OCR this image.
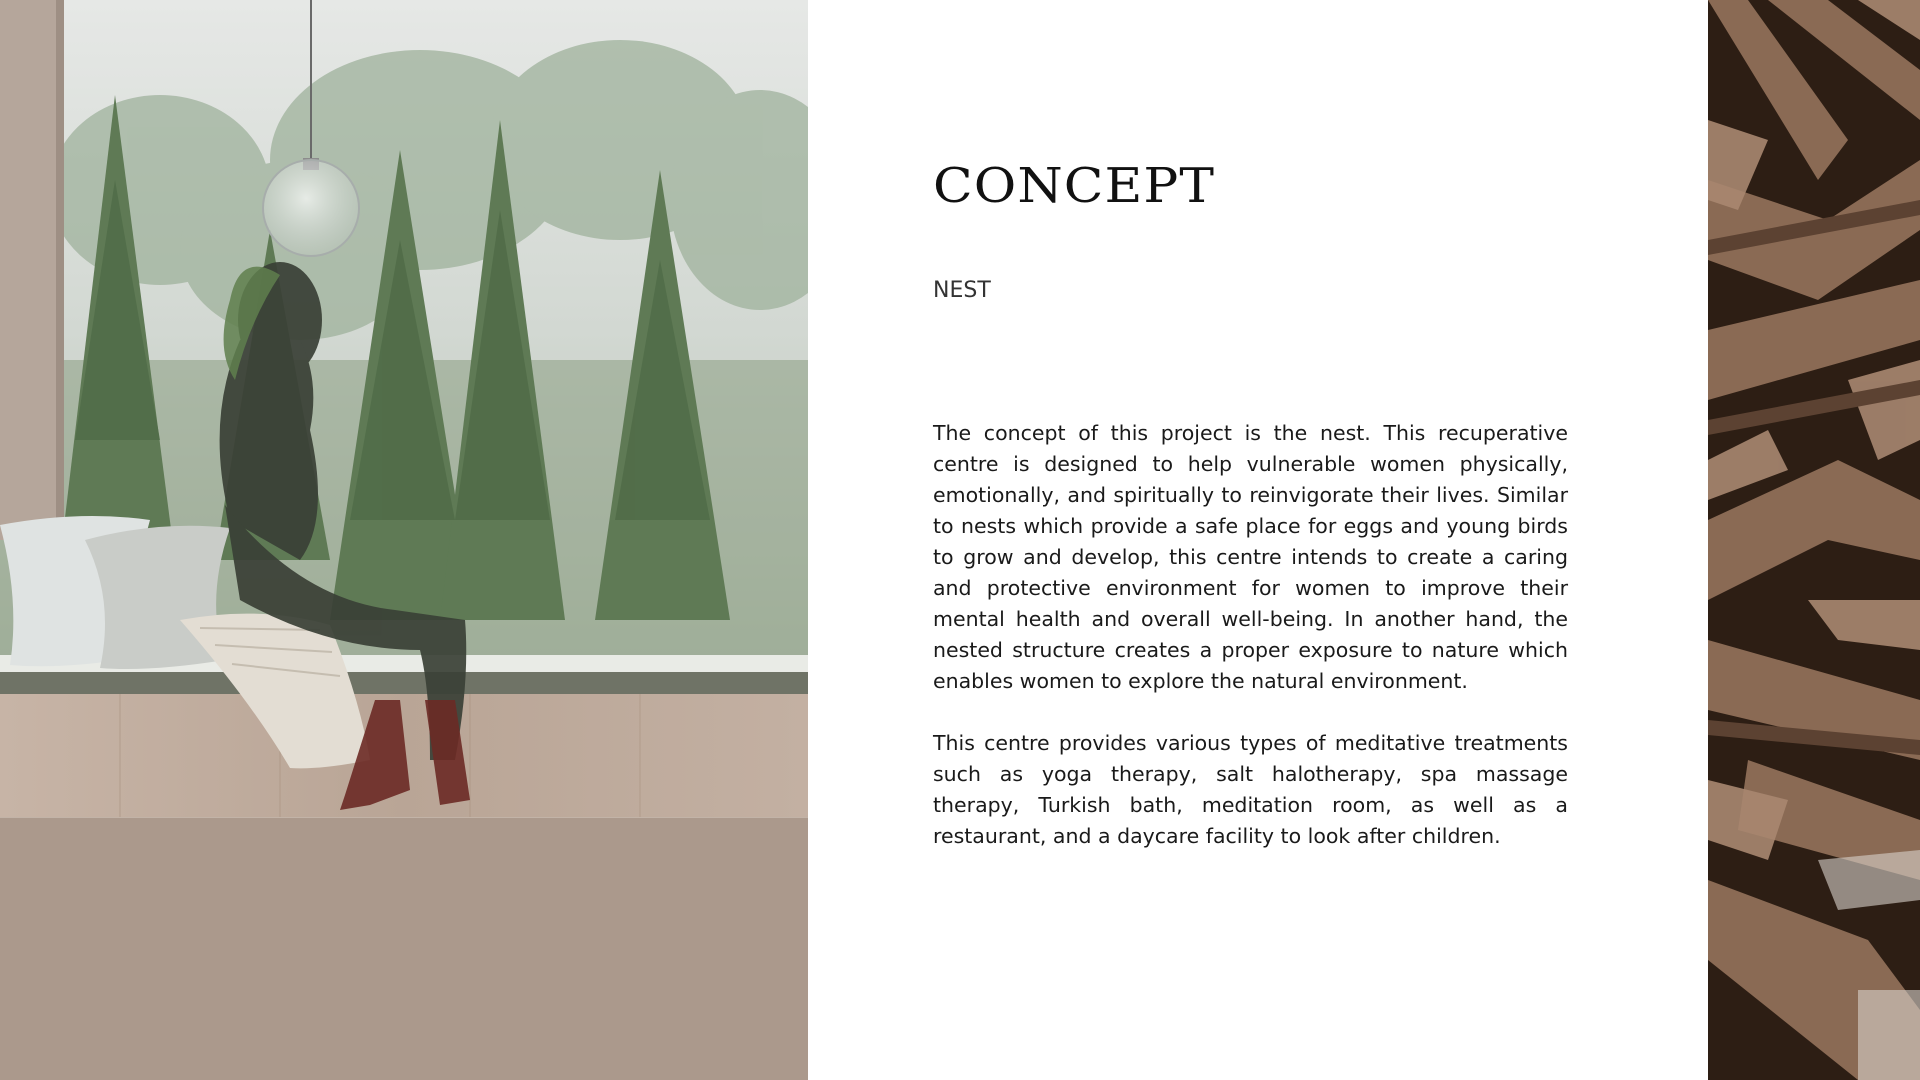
CONCEPT
NEST

The concept of this project is the nest. This recuperative centre is designed to help vulnerable women physically, emotionally, and spiritually to reinvigorate their lives. Similar to nests which provide a safe place for eggs and young birds to grow and develop, this centre intends to create a caring and protective environment for women to improve their mental health and overall well-being. In another hand, the nested structure creates a proper exposure to nature which enables women to explore the natural environment.

This centre provides various types of meditative treatments such as yoga therapy, salt halotherapy, spa massage therapy, Turkish bath, meditation room, as well as a restaurant, and a daycare facility to look after children.
